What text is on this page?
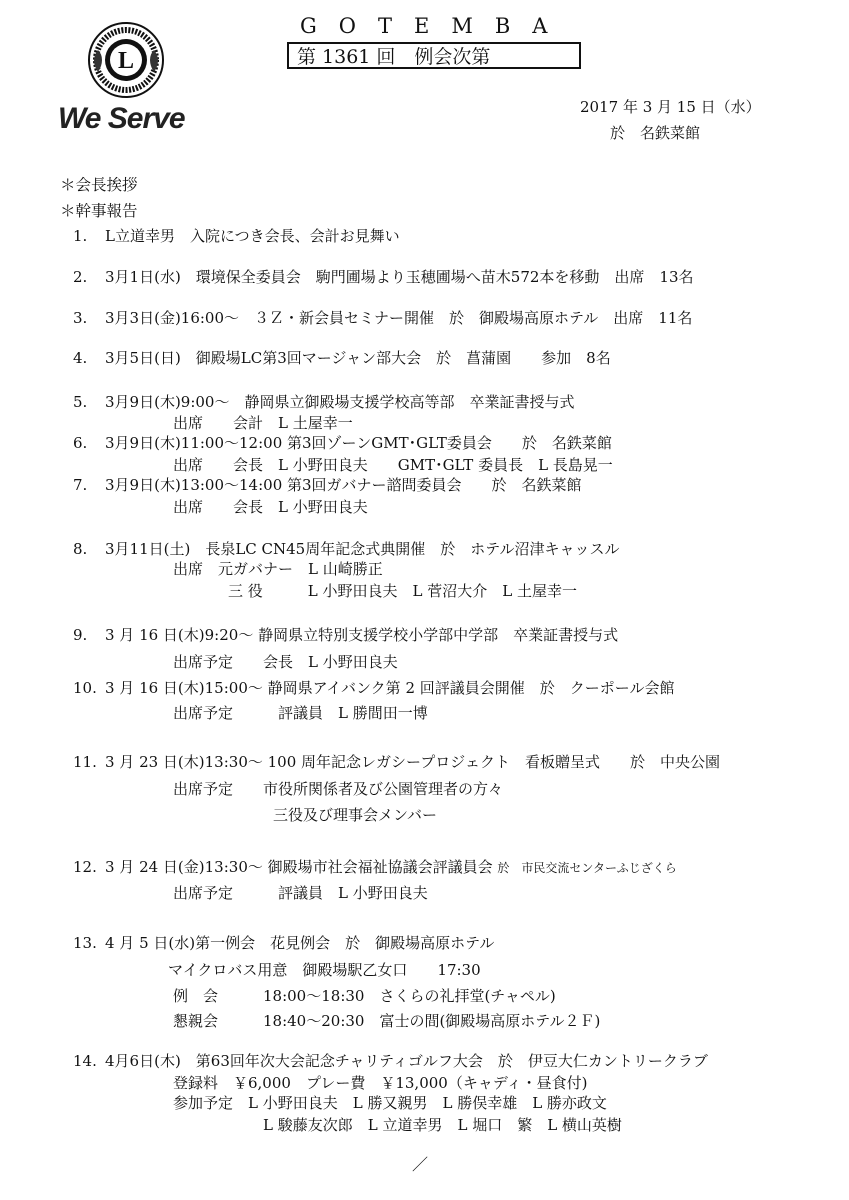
L
We Serve
GOTEMBA
第 1361 回　例会次第
2017 年 3 月 15 日（水）
於　名鉄菜館
＊会長挨拶
＊幹事報告
1. L立道幸男　入院につき会長、会計お見舞い
2. 3月1日(水)　環境保全委員会　駒門圃場より玉穂圃場へ苗木572本を移動　出席　13名
3. 3月3日(金)16:00～　３Ｚ・新会員セミナー開催　於　御殿場高原ホテル　出席　11名
4. 3月5日(日)　御殿場LC第3回マージャン部大会　於　菖蒲園　　参加　8名
5. 3月9日(木)9:00～　静岡県立御殿場支援学校高等部　卒業証書授与式
出席　　会計　L 土屋幸一
6. 3月9日(木)11:00～12:00 第3回ゾーンGMT･GLT委員会　　於　名鉄菜館
出席　　会長　L 小野田良夫　　GMT･GLT 委員長　L 長島晃一
7. 3月9日(木)13:00～14:00 第3回ガバナー諮問委員会　　於　名鉄菜館
出席　　会長　L 小野田良夫
8. 3月11日(土)　長泉LC CN45周年記念式典開催　於　ホテル沼津キャッスル
出席　元ガバナー　L 山崎勝正
三 役　　　L 小野田良夫　L 菅沼大介　L 土屋幸一
9. 3 月 16 日(木)9:20～ 静岡県立特別支援学校小学部中学部　卒業証書授与式
出席予定　　会長　L 小野田良夫
10. 3 月 16 日(木)15:00～ 静岡県アイバンク第 2 回評議員会開催　於　クーポール会館
出席予定　　　評議員　L 勝間田一博
11. 3 月 23 日(木)13:30～ 100 周年記念レガシープロジェクト　看板贈呈式　　於　中央公園
出席予定　　市役所関係者及び公園管理者の方々
三役及び理事会メンバー
12. 3 月 24 日(金)13:30～ 御殿場市社会福祉協議会評議員会 於　市民交流センターふじざくら
出席予定　　　評議員　L 小野田良夫
13. 4 月 5 日(水)第一例会　花見例会　於　御殿場高原ホテル
マイクロバス用意　御殿場駅乙女口　　17:30
例　会　　　18:00～18:30　さくらの礼拝堂(チャペル)
懇親会　　　18:40～20:30　富士の間(御殿場高原ホテル２Ｆ)
14. 4月6日(木)　第63回年次大会記念チャリティゴルフ大会　於　伊豆大仁カントリークラブ
登録料　￥6,000　プレー費　￥13,000（キャディ・昼食付)
参加予定　L 小野田良夫　L 勝又親男　L 勝俣幸雄　L 勝亦政文
L 駿藤友次郎　L 立道幸男　L 堀口　繁　L 横山英樹
／
